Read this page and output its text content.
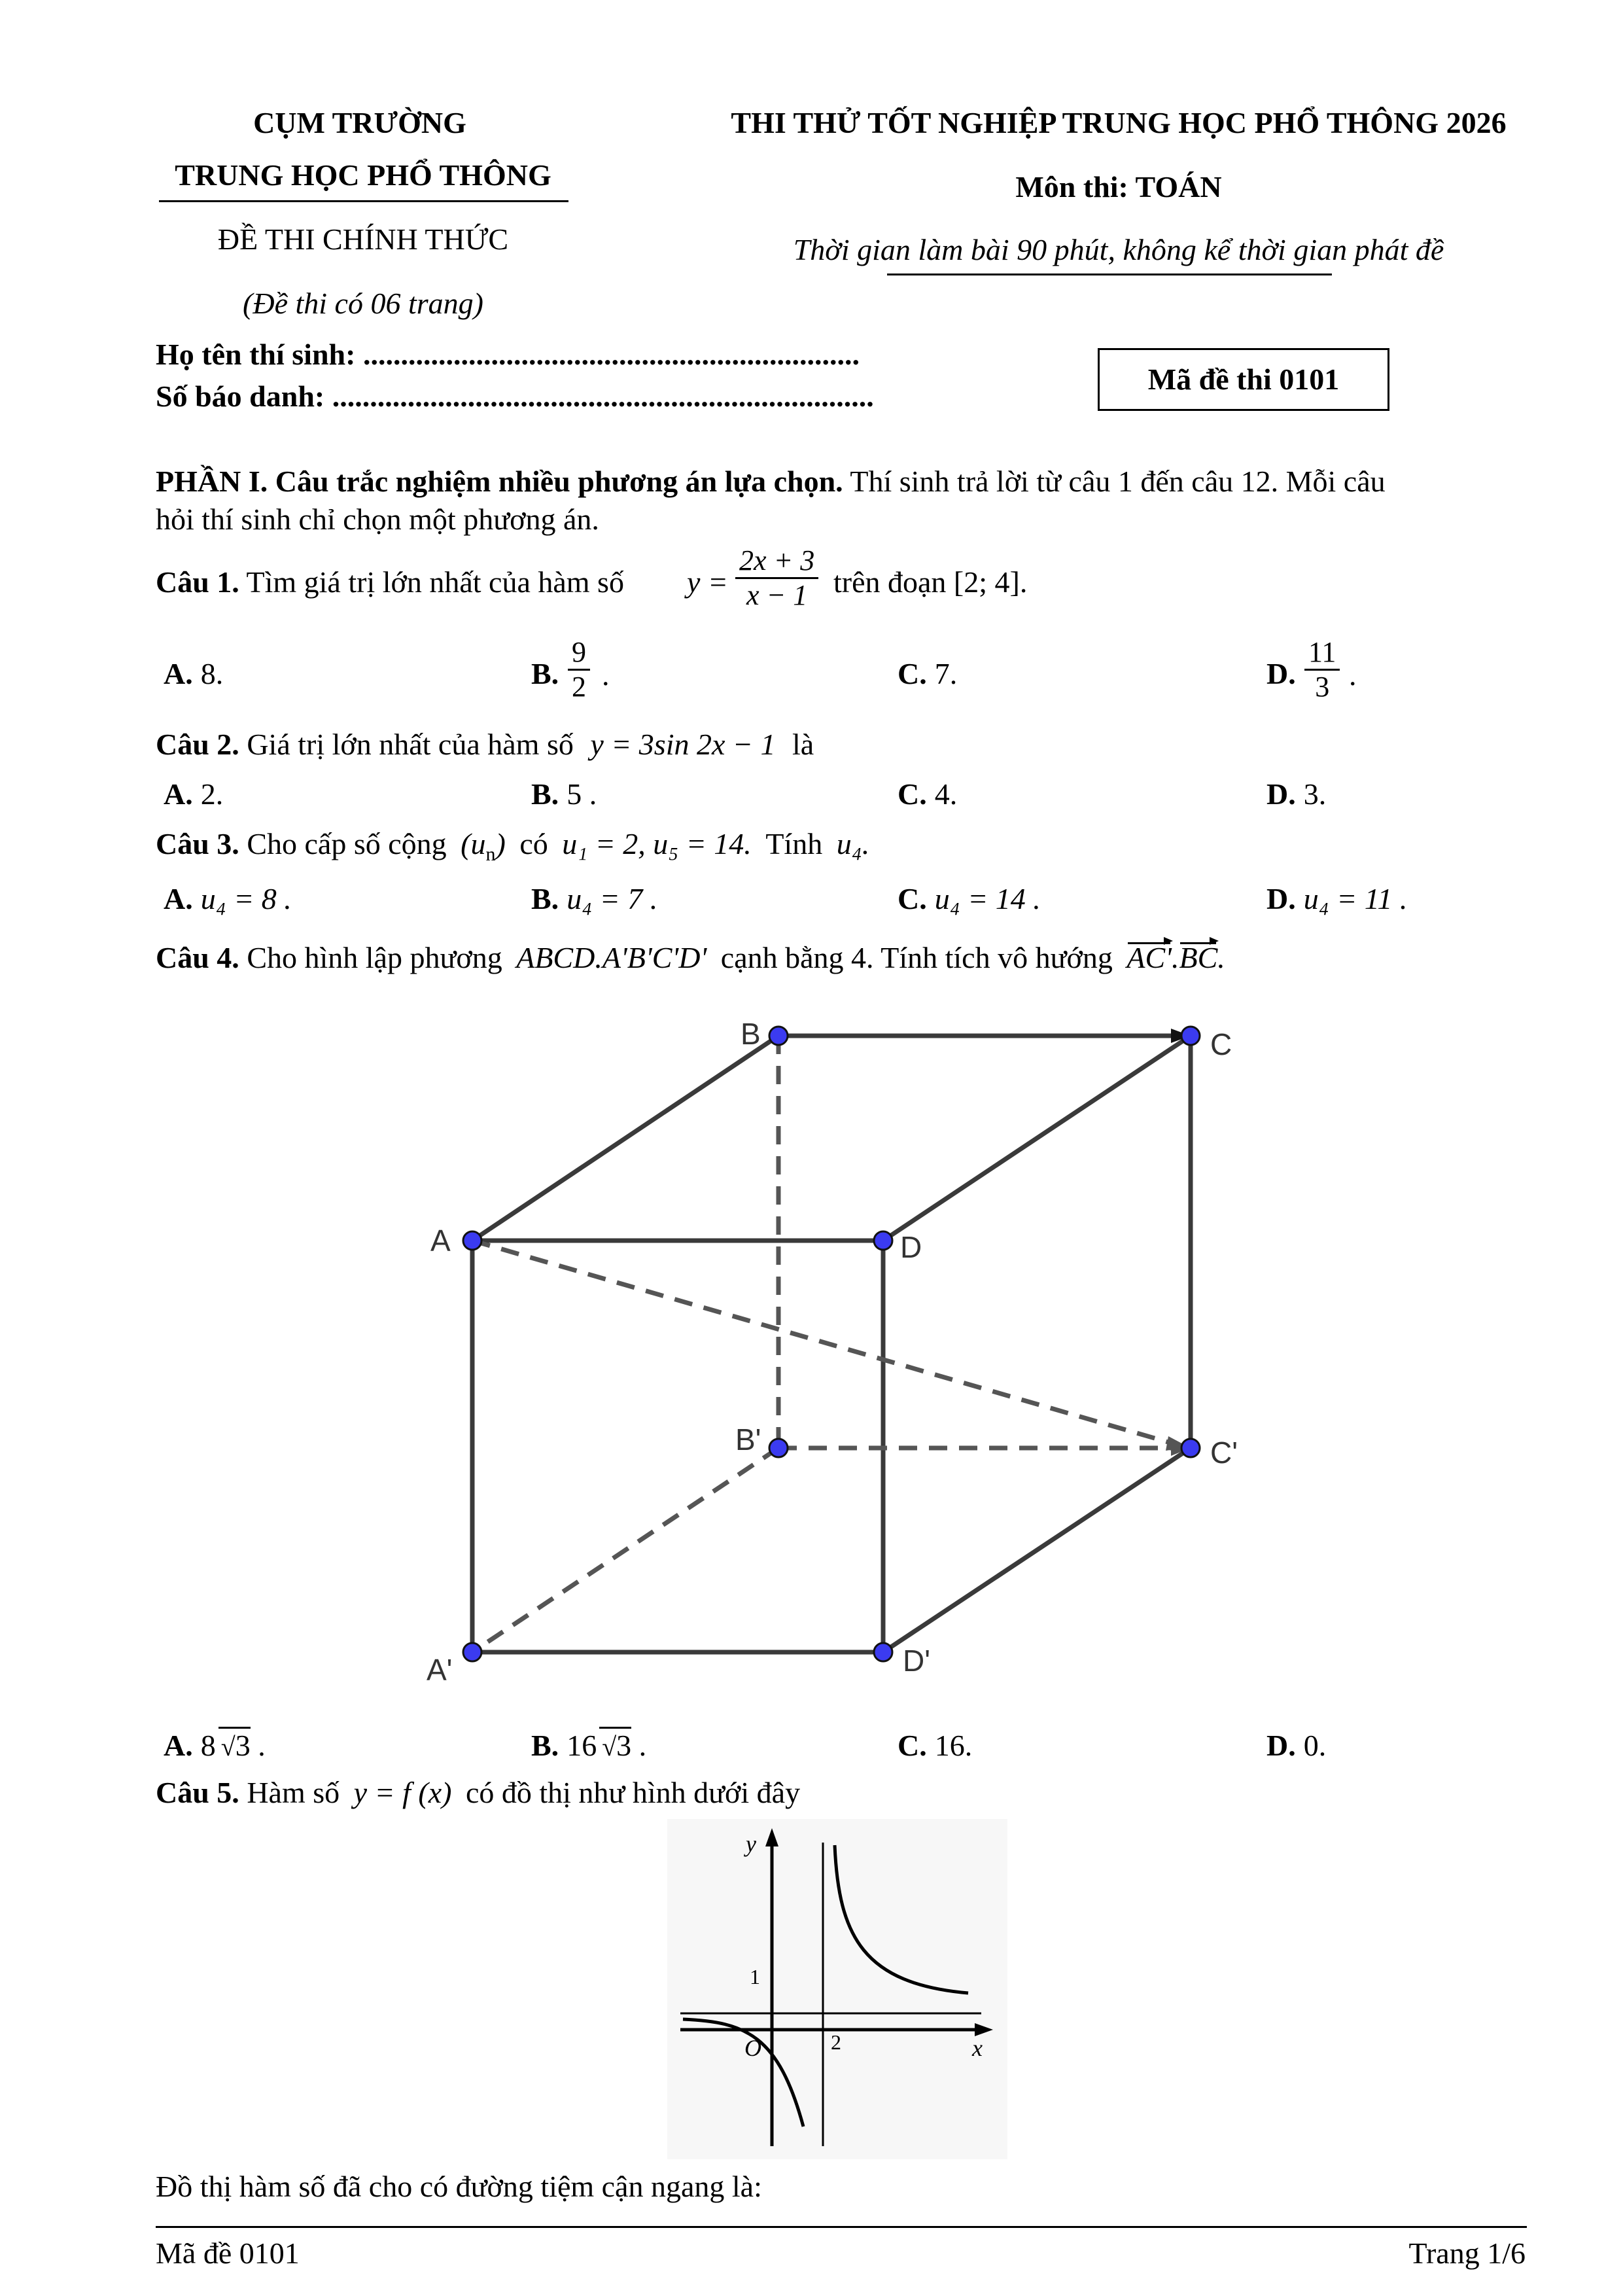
CỤM TRƯỜNG
TRUNG HỌC PHỔ THÔNG
ĐỀ THI CHÍNH THỨC
(Đề thi có 06 trang)
THI THỬ TỐT NGHIỆP TRUNG HỌC PHỔ THÔNG 2026
Môn thi: TOÁN
Thời gian làm bài 90 phút, không kể thời gian phát đề
Họ tên thí sinh: ..................................................................
Số báo danh: ........................................................................
Mã đề thi 0101
PHẦN I. Câu trắc nghiệm nhiều phương án lựa chọn. Thí sinh trả lời từ câu 1 đến câu 12. Mỗi câu
hỏi thí sinh chỉ chọn một phương án.
Câu 1. Tìm giá trị lớn nhất của hàm số $y = \frac{2x + 3}{x - 1}$ trên đoạn [2; 4].
A. 8.	B. $\frac{9}{2}$ .	C. 7.	D. $\frac{11}{3}$ .
Câu 2. Giá trị lớn nhất của hàm số y = 3sin 2x − 1 là
A. 2.	B. 5 .	C. 4.	D. 3.
Câu 3. Cho cấp số cộng $(u_n)$ có u₁ = 2, u₅ = 14. Tính u₄.
A. u₄ = 8 .	B. u₄ = 7 .	C. u₄ = 14 .	D. u₄ = 11 .
Câu 4. Cho hình lập phương ABCD.A'B'C'D' cạnh bằng 4. Tính tích vô hướng AC'.BC.
B	C
A	D
B'	C'
A'	D'
A. 8 √3 .	B. 16 √3 .	C. 16.	D. 0.
Câu 5. Hàm số y = f (x) có đồ thị như hình dưới đây
y
x
O
1
2
Đồ thị hàm số đã cho có đường tiệm cận ngang là:
Mã đề 0101	Trang 1/6
